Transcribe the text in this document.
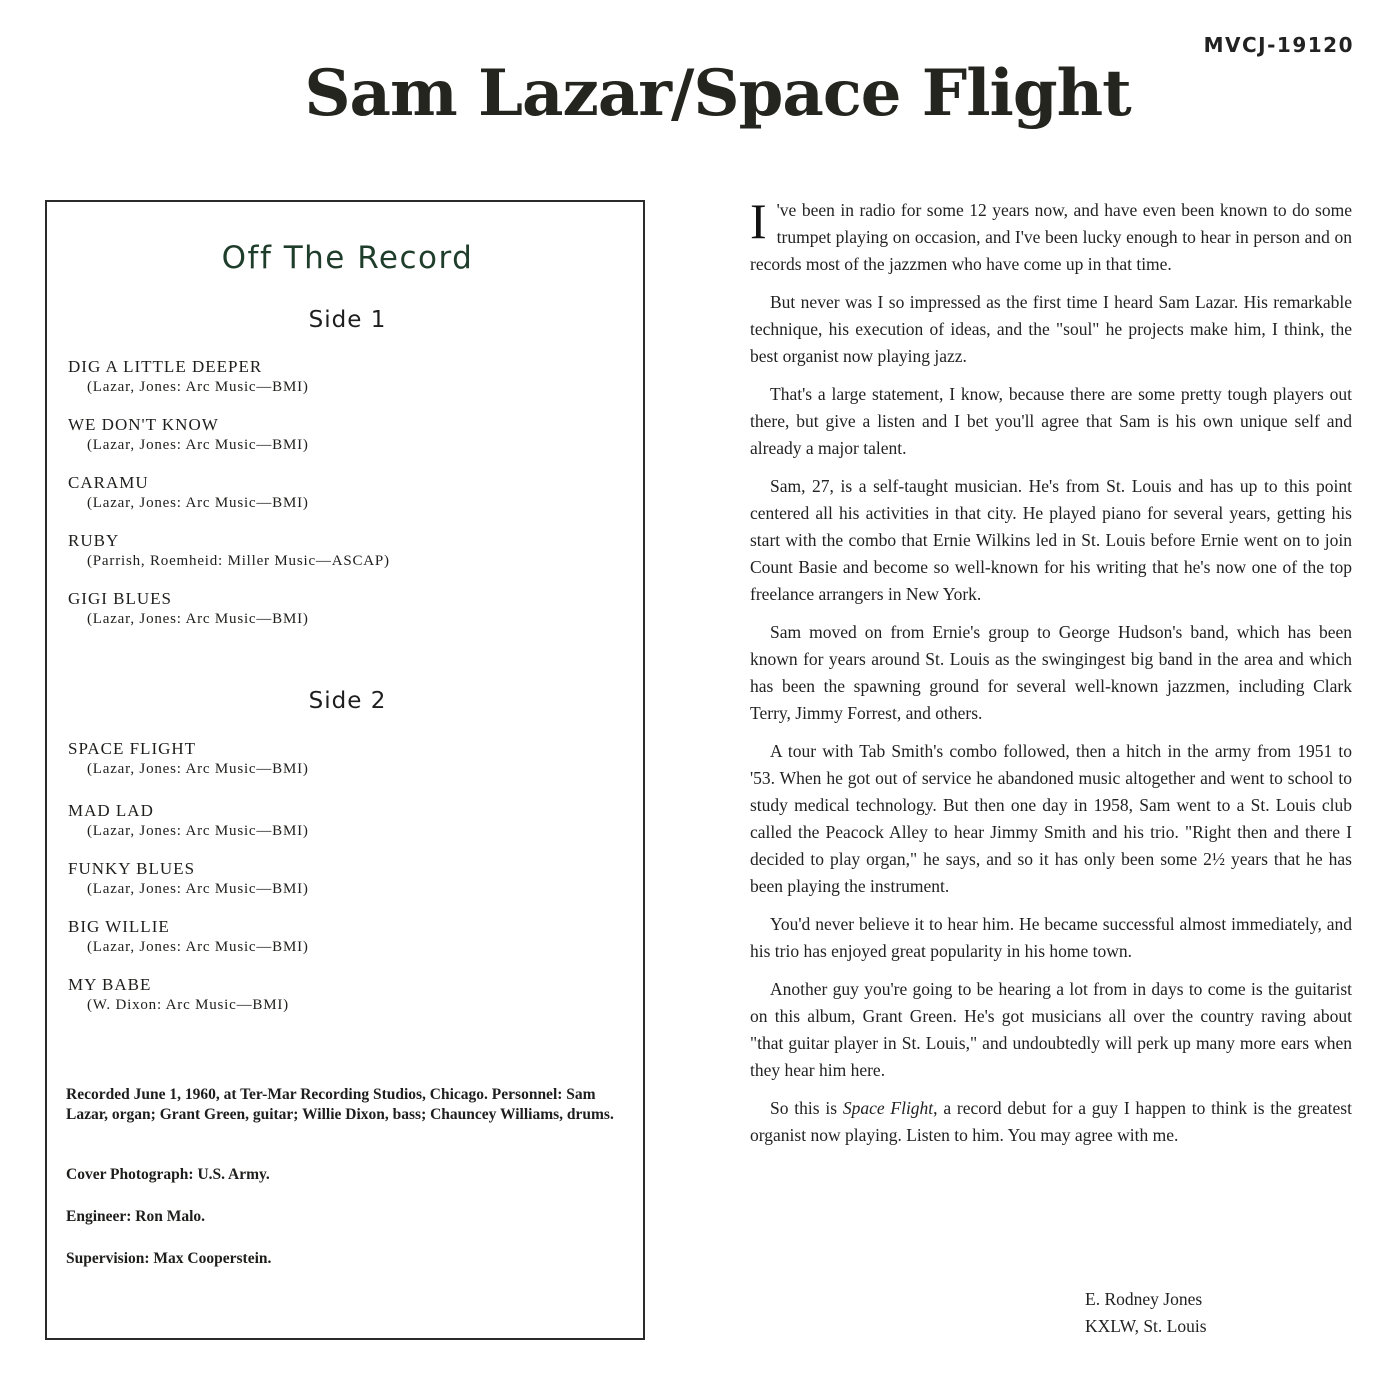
MVCJ-19120
Sam Lazar/Space Flight
Off The Record
Side 1
DIG A LITTLE DEEPER
(Lazar, Jones: Arc Music—BMI)
WE DON'T KNOW
(Lazar, Jones: Arc Music—BMI)
CARAMU
(Lazar, Jones: Arc Music—BMI)
RUBY
(Parrish, Roemheid: Miller Music—ASCAP)
GIGI BLUES
(Lazar, Jones: Arc Music—BMI)
Side 2
SPACE FLIGHT
(Lazar, Jones: Arc Music—BMI)
MAD LAD
(Lazar, Jones: Arc Music—BMI)
FUNKY BLUES
(Lazar, Jones: Arc Music—BMI)
BIG WILLIE
(Lazar, Jones: Arc Music—BMI)
MY BABE
(W. Dixon: Arc Music—BMI)
Recorded June 1, 1960, at Ter-Mar Recording Studios, Chicago. Personnel: Sam Lazar, organ; Grant Green, guitar; Willie Dixon, bass; Chauncey Williams, drums.
Cover Photograph: U.S. Army.
Engineer: Ron Malo.
Supervision: Max Cooperstein.

I 've been in radio for some 12 years now, and have even been known to do some trumpet playing on occasion, and I've been lucky enough to hear in person and on records most of the jazzmen who have come up in that time.

But never was I so impressed as the first time I heard Sam Lazar. His remarkable technique, his execution of ideas, and the "soul" he projects make him, I think, the best organist now playing jazz.

That's a large statement, I know, because there are some pretty tough players out there, but give a listen and I bet you'll agree that Sam is his own unique self and already a major talent.

Sam, 27, is a self-taught musician. He's from St. Louis and has up to this point centered all his activities in that city. He played piano for several years, getting his start with the combo that Ernie Wilkins led in St. Louis before Ernie went on to join Count Basie and become so well-known for his writing that he's now one of the top freelance arrangers in New York.

Sam moved on from Ernie's group to George Hudson's band, which has been known for years around St. Louis as the swingingest big band in the area and which has been the spawning ground for several well-known jazzmen, including Clark Terry, Jimmy Forrest, and others.

A tour with Tab Smith's combo followed, then a hitch in the army from 1951 to '53. When he got out of service he abandoned music altogether and went to school to study medical technology. But then one day in 1958, Sam went to a St. Louis club called the Peacock Alley to hear Jimmy Smith and his trio. "Right then and there I decided to play organ," he says, and so it has only been some 2½ years that he has been playing the instrument.

You'd never believe it to hear him. He became successful almost immediately, and his trio has enjoyed great popularity in his home town.

Another guy you're going to be hearing a lot from in days to come is the guitarist on this album, Grant Green. He's got musicians all over the country raving about "that guitar player in St. Louis," and undoubtedly will perk up many more ears when they hear him here.

So this is Space Flight, a record debut for a guy I happen to think is the greatest organist now playing. Listen to him. You may agree with me.

E. Rodney Jones
KXLW, St. Louis
